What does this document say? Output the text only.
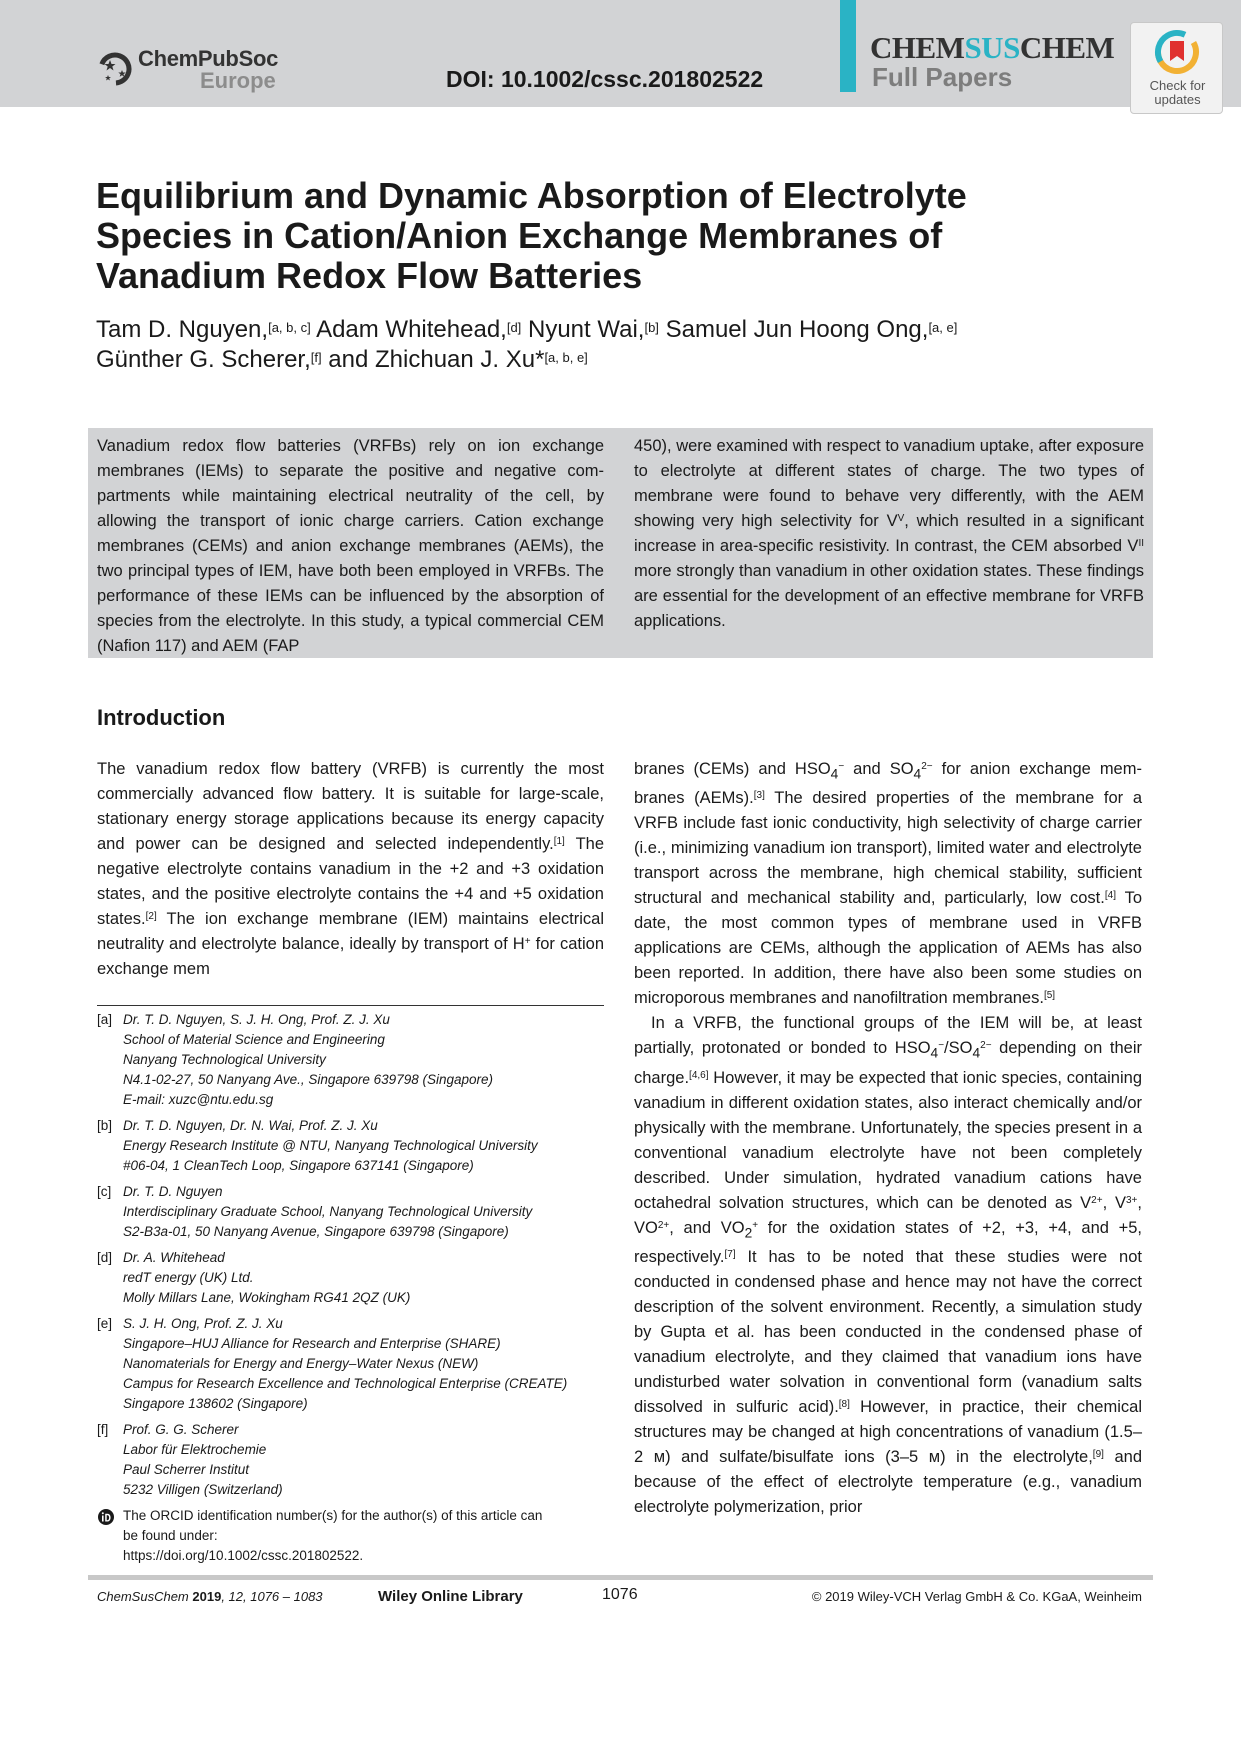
ChemPubSoc
Europe	DOI: 10.1002/cssc.201802522
CHEMSUSCHEM
Full Papers	Check for
updates
Equilibrium and Dynamic Absorption of Electrolyte Species in Cation/Anion Exchange Membranes of Vanadium Redox Flow Batteries
Tam D. Nguyen,[a, b, c] Adam Whitehead,[d] Nyunt Wai,[b] Samuel Jun Hoong Ong,[a, e]
Günther G. Scherer,[f] and Zhichuan J. Xu*[a, b, e]

Vanadium redox flow batteries (VRFBs) rely on ion exchange membranes (IEMs) to separate the positive and negative compartments while maintaining electrical neutrality of the cell, by allowing the transport of ionic charge carriers. Cation exchange membranes (CEMs) and anion exchange membranes (AEMs), the two principal types of IEM, have both been employed in VRFBs. The performance of these IEMs can be influenced by the absorption of species from the electrolyte. In this study, a typical commercial CEM (Nafion 117) and AEM (FAP

450), were examined with respect to vanadium uptake, after exposure to electrolyte at different states of charge. The two types of membrane were found to behave very differently, with the AEM showing very high selectivity for $V^V$, which resulted in a significant increase in area-specific resistivity. In contrast, the CEM absorbed $V^{II}$ more strongly than vanadium in other oxidation states. These findings are essential for the development of an effective membrane for VRFB applications.

Introduction

The vanadium redox flow battery (VRFB) is currently the most commercially advanced flow battery. It is suitable for large-scale, stationary energy storage applications because its energy capacity and power can be designed and selected independently.[1] The negative electrolyte contains vanadium in the +2 and +3 oxidation states, and the positive electrolyte contains the +4 and +5 oxidation states.[2] The ion exchange membrane (IEM) maintains electrical neutrality and electrolyte balance, ideally by transport of H+ for cation exchange mem

[a] Dr. T. D. Nguyen, S. J. H. Ong, Prof. Z. J. Xu
School of Material Science and Engineering
Nanyang Technological University
N4.1-02-27, 50 Nanyang Ave., Singapore 639798 (Singapore)
E-mail: xuzc@ntu.edu.sg
[b] Dr. T. D. Nguyen, Dr. N. Wai, Prof. Z. J. Xu
Energy Research Institute @ NTU, Nanyang Technological University
#06-04, 1 CleanTech Loop, Singapore 637141 (Singapore)
[c] Dr. T. D. Nguyen
Interdisciplinary Graduate School, Nanyang Technological University
S2-B3a-01, 50 Nanyang Avenue, Singapore 639798 (Singapore)
[d] Dr. A. Whitehead
redT energy (UK) Ltd.
Molly Millars Lane, Wokingham RG41 2QZ (UK)
[e] S. J. H. Ong, Prof. Z. J. Xu
Singapore–HUJ Alliance for Research and Enterprise (SHARE)
Nanomaterials for Energy and Energy–Water Nexus (NEW)
Campus for Research Excellence and Technological Enterprise (CREATE)
Singapore 138602 (Singapore)
[f] Prof. G. G. Scherer
Labor für Elektrochemie
Paul Scherrer Institut
5232 Villigen (Switzerland)
The ORCID identification number(s) for the author(s) of this article can
be found under:
https://doi.org/10.1002/cssc.201802522.

branes (CEMs) and $HSO_4^-$ and $SO_4^{2-}$ for anion exchange membranes (AEMs).[3] The desired properties of the membrane for a VRFB include fast ionic conductivity, high selectivity of charge carrier (i.e., minimizing vanadium ion transport), limited water and electrolyte transport across the membrane, high chemical stability, sufficient structural and mechanical stability and, particularly, low cost.[4] To date, the most common types of membrane used in VRFB applications are CEMs, although the application of AEMs has also been reported. In addition, there have also been some studies on microporous membranes and nanofiltration membranes.[5]

In a VRFB, the functional groups of the IEM will be, at least partially, protonated or bonded to $HSO_4^-/SO_4^{2-}$ depending on their charge.[4,6] However, it may be expected that ionic species, containing vanadium in different oxidation states, also interact chemically and/or physically with the membrane. Unfortunately, the species present in a conventional vanadium electrolyte have not been completely described. Under simulation, hydrated vanadium cations have octahedral solvation structures, which can be denoted as $V^{2+}$, $V^{3+}$, $VO^{2+}$, and $VO_2^+$ for the oxidation states of +2, +3, +4, and +5, respectively.[7] It has to be noted that these studies were not conducted in condensed phase and hence may not have the correct description of the solvent environment. Recently, a simulation study by Gupta et al. has been conducted in the condensed phase of vanadium electrolyte, and they claimed that vanadium ions have undisturbed water solvation in conventional form (vanadium salts dissolved in sulfuric acid).[8] However, in practice, their chemical structures may be changed at high concentrations of vanadium (1.5–2 м) and sulfate/bisulfate ions (3–5 м) in the electrolyte,[9] and because of the effect of electrolyte temperature (e.g., vanadium electrolyte polymerization, prior

ChemSusChem 2019, 12, 1076 – 1083	Wiley Online Library	1076	© 2019 Wiley-VCH Verlag GmbH & Co. KGaA, Weinheim
